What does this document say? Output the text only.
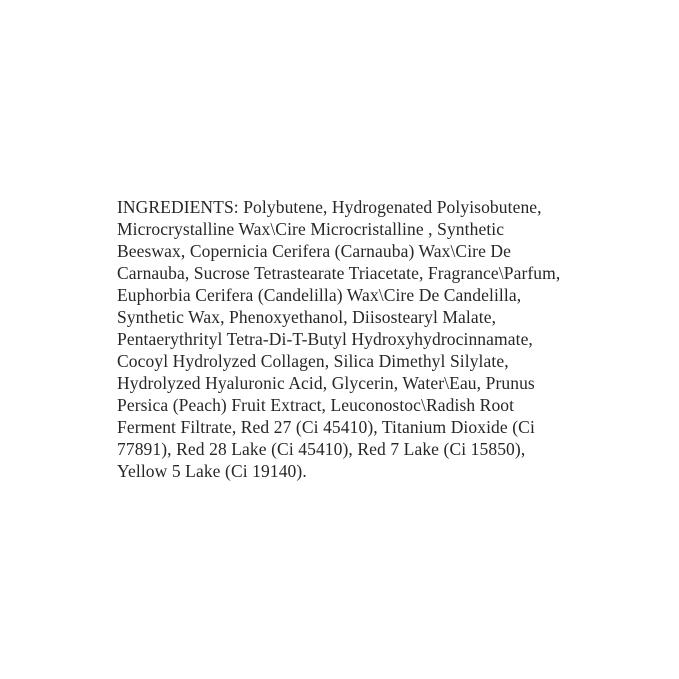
INGREDIENTS: Polybutene, Hydrogenated Polyisobutene,
Microcrystalline Wax\Cire Microcristalline , Synthetic
Beeswax, Copernicia Cerifera (Carnauba) Wax\Cire De
Carnauba, Sucrose Tetrastearate Triacetate, Fragrance\Parfum,
Euphorbia Cerifera (Candelilla) Wax\Cire De Candelilla,
Synthetic Wax, Phenoxyethanol, Diisostearyl Malate,
Pentaerythrityl Tetra-Di-T-Butyl Hydroxyhydrocinnamate,
Cocoyl Hydrolyzed Collagen, Silica Dimethyl Silylate,
Hydrolyzed Hyaluronic Acid, Glycerin, Water\Eau, Prunus
Persica (Peach) Fruit Extract, Leuconostoc\Radish Root
Ferment Filtrate, Red 27 (Ci 45410), Titanium Dioxide (Ci
77891), Red 28 Lake (Ci 45410), Red 7 Lake (Ci 15850),
Yellow 5 Lake (Ci 19140).
